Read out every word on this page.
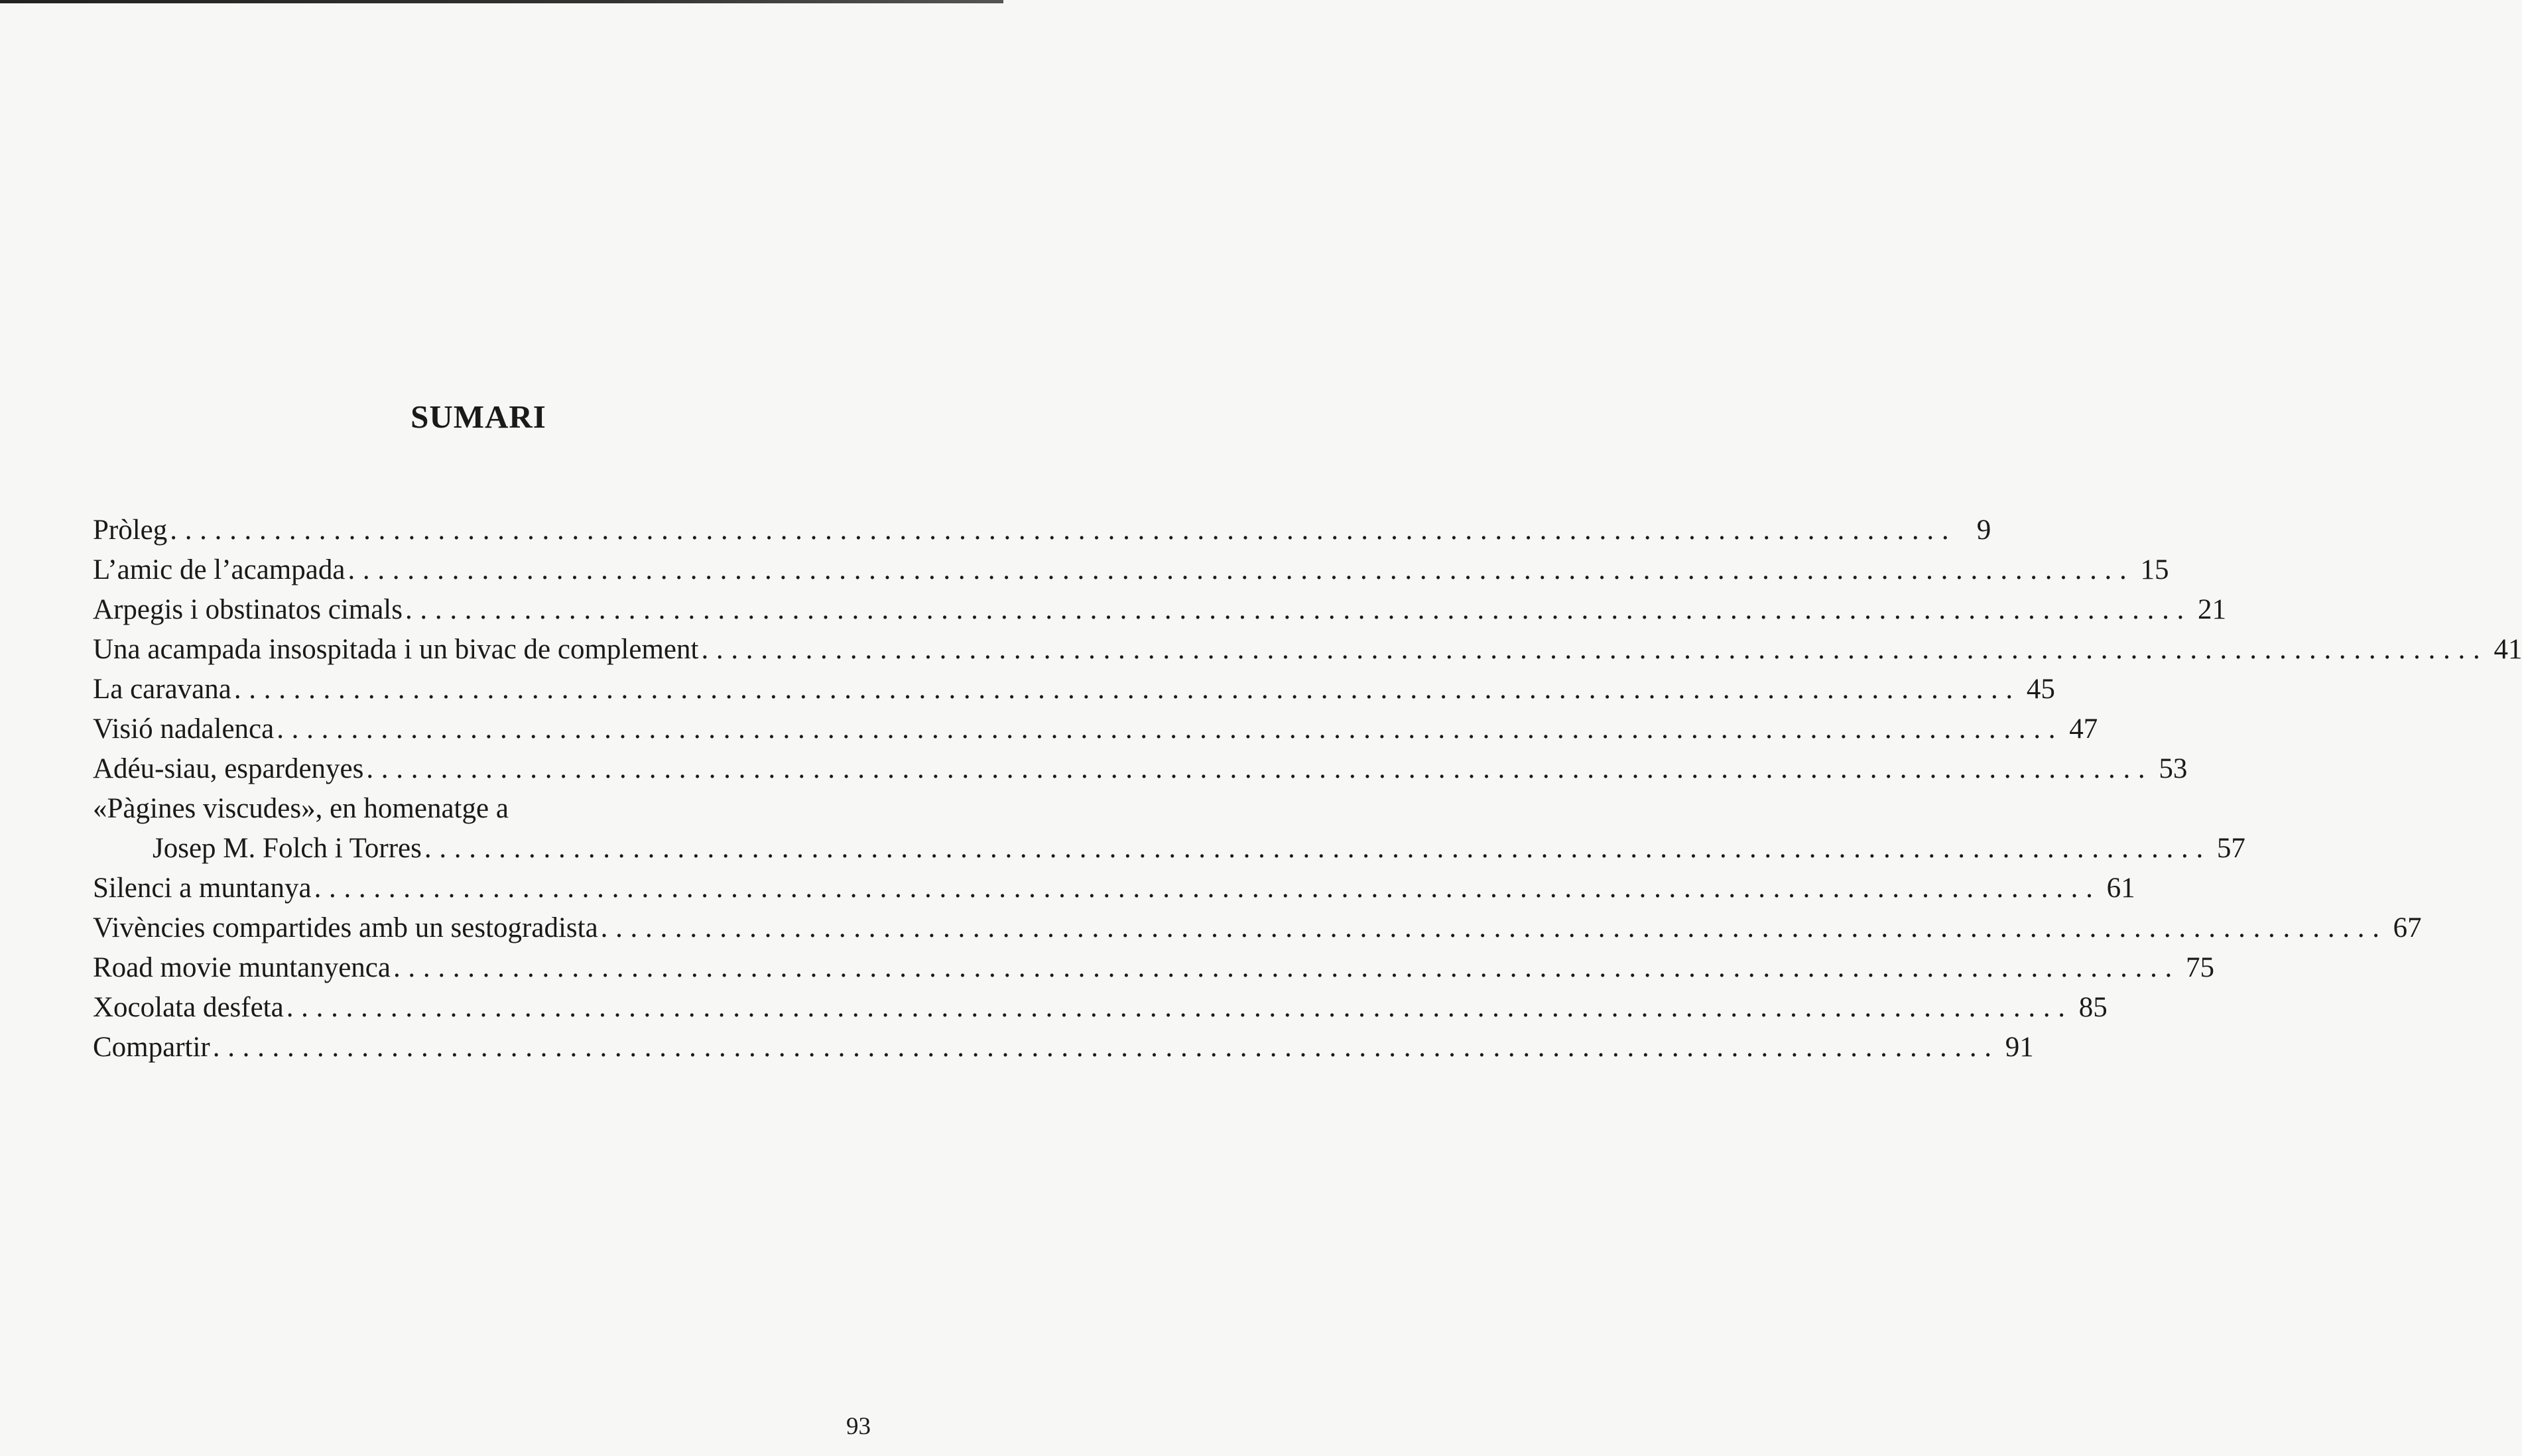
SUMARI
Pròleg ........................................................................................................................ 9
L’amic de l’acampada ........................................................................................................................ 15
Arpegis i obstinatos cimals ........................................................................................................................ 21
Una acampada insospitada i un bivac de complement ........................................................................................................................ 41
La caravana ........................................................................................................................ 45
Visió nadalenca ........................................................................................................................ 47
Adéu-siau, espardenyes ........................................................................................................................ 53
«Pàgines viscudes», en homenatge a
Josep M. Folch i Torres ........................................................................................................................ 57
Silenci a muntanya ........................................................................................................................ 61
Vivències compartides amb un sestogradista ........................................................................................................................ 67
Road movie muntanyenca ........................................................................................................................ 75
Xocolata desfeta ........................................................................................................................ 85
Compartir ........................................................................................................................ 91

93
